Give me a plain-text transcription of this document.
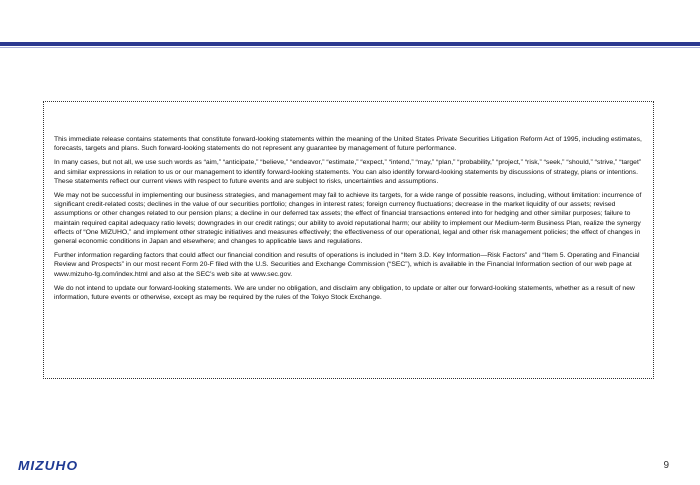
This immediate release contains statements that constitute forward-looking statements within the meaning of the United States Private Securities Litigation Reform Act of 1995, including estimates, forecasts, targets and plans. Such forward-looking statements do not represent any guarantee by management of future performance.

In many cases, but not all, we use such words as “aim,” “anticipate,” “believe,” “endeavor,” “estimate,” “expect,” “intend,” “may,” “plan,” “probability,” “project,” “risk,” “seek,” “should,” “strive,” “target” and similar expressions in relation to us or our management to identify forward-looking statements. You can also identify forward-looking statements by discussions of strategy, plans or intentions. These statements reflect our current views with respect to future events and are subject to risks, uncertainties and assumptions.

We may not be successful in implementing our business strategies, and management may fail to achieve its targets, for a wide range of possible reasons, including, without limitation: incurrence of significant credit-related costs; declines in the value of our securities portfolio; changes in interest rates; foreign currency fluctuations; decrease in the market liquidity of our assets; revised assumptions or other changes related to our pension plans; a decline in our deferred tax assets; the effect of financial transactions entered into for hedging and other similar purposes; failure to maintain required capital adequacy ratio levels; downgrades in our credit ratings; our ability to avoid reputational harm; our ability to implement our Medium-term Business Plan, realize the synergy effects of “One MIZUHO,” and implement other strategic initiatives and measures effectively; the effectiveness of our operational, legal and other risk management policies; the effect of changes in general economic conditions in Japan and elsewhere; and changes to applicable laws and regulations.

Further information regarding factors that could affect our financial condition and results of operations is included in “Item 3.D. Key Information—Risk Factors” and “Item 5. Operating and Financial Review and Prospects” in our most recent Form 20-F filed with the U.S. Securities and Exchange Commission (“SEC”), which is available in the Financial Information section of our web page at www.mizuho-fg.com/index.html and also at the SEC’s web site at www.sec.gov.

We do not intend to update our forward-looking statements. We are under no obligation, and disclaim any obligation, to update or alter our forward-looking statements, whether as a result of new information, future events or otherwise, except as may be required by the rules of the Tokyo Stock Exchange.

MIZUHO	9
